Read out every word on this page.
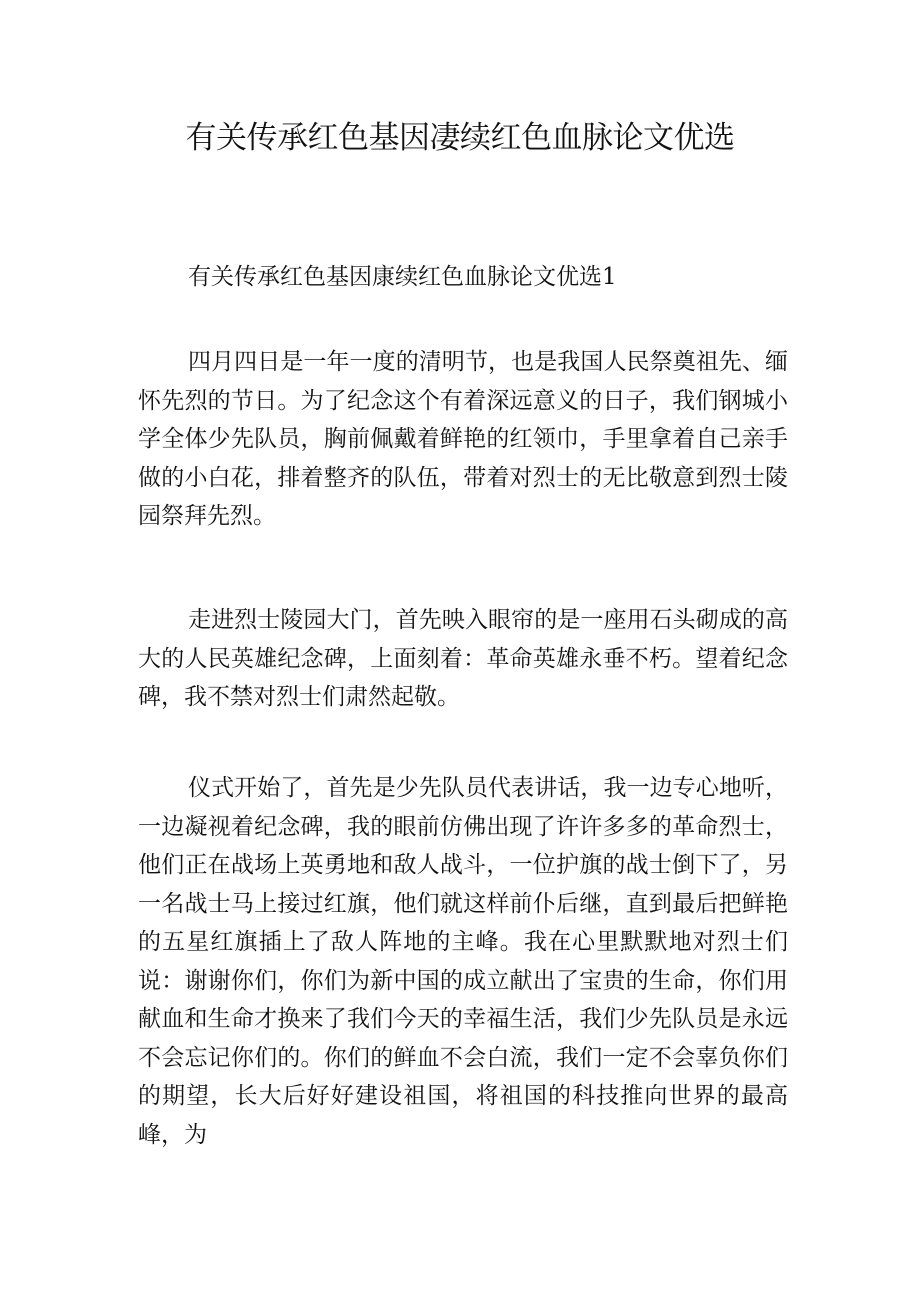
有关传承红色基因凄续红色血脉论文优选

有关传承红色基因康续红色血脉论文优选1

四月四日是一年一度的清明节，也是我国人民祭奠祖先、缅怀先烈的节日。为了纪念这个有着深远意义的日子，我们钢城小学全体少先队员，胸前佩戴着鲜艳的红领巾，手里拿着自己亲手做的小白花，排着整齐的队伍，带着对烈士的无比敬意到烈士陵园祭拜先烈。

走进烈士陵园大门，首先映入眼帘的是一座用石头砌成的高大的人民英雄纪念碑，上面刻着：革命英雄永垂不朽。望着纪念碑，我不禁对烈士们肃然起敬。

仪式开始了，首先是少先队员代表讲话，我一边专心地听，一边凝视着纪念碑，我的眼前仿佛出现了许许多多的革命烈士，他们正在战场上英勇地和敌人战斗，一位护旗的战士倒下了，另一名战士马上接过红旗，他们就这样前仆后继，直到最后把鲜艳的五星红旗插上了敌人阵地的主峰。我在心里默默地对烈士们说：谢谢你们，你们为新中国的成立献出了宝贵的生命，你们用献血和生命才换来了我们今天的幸福生活，我们少先队员是永远不会忘记你们的。你们的鲜血不会白流，我们一定不会辜负你们的期望，长大后好好建设祖国，将祖国的科技推向世界的最高峰，为
